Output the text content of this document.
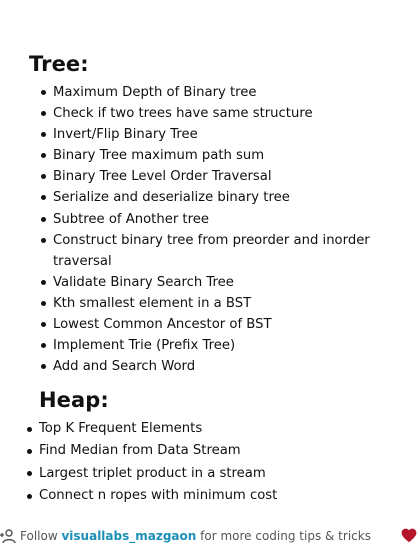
Tree:
Maximum Depth of Binary tree
Check if two trees have same structure
Invert/Flip Binary Tree
Binary Tree maximum path sum
Binary Tree Level Order Traversal
Serialize and deserialize binary tree
Subtree of Another tree
Construct binary tree from preorder and inorder traversal
Validate Binary Search Tree
Kth smallest element in a BST
Lowest Common Ancestor of BST
Implement Trie (Prefix Tree)
Add and Search Word
Heap:
Top K Frequent Elements
Find Median from Data Stream
Largest triplet product in a stream
Connect n ropes with minimum cost
Follow visuallabs_mazgaon for more coding tips & tricks
